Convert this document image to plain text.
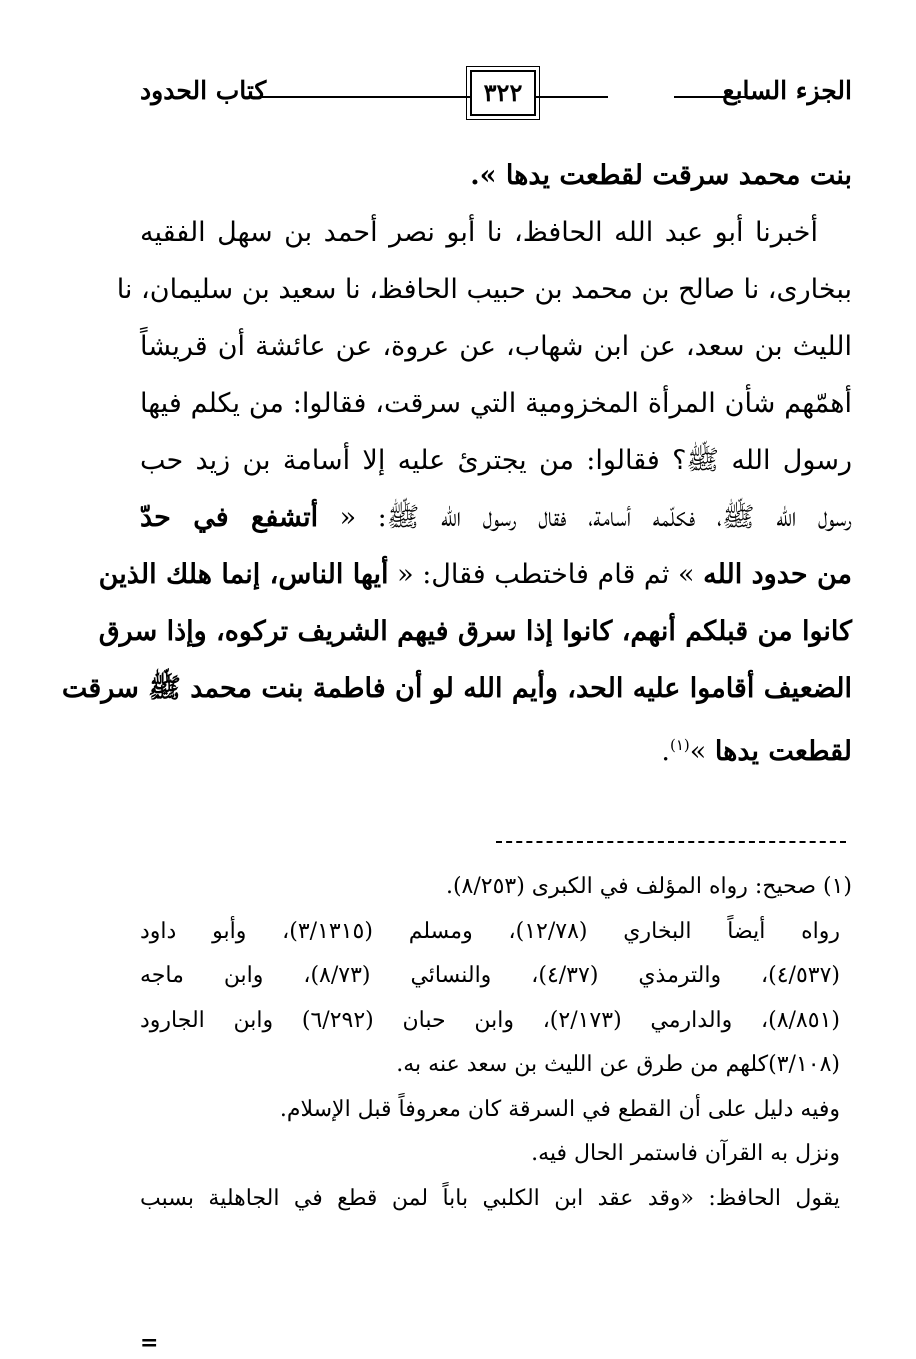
كتاب الحدود	٣٢٢	الجزء السابع
بنت محمد سرقت لقطعت يدها ».
أخبرنا أبو عبد الله الحافظ، نا أبو نصر أحمد بن سهل الفقيه
ببخارى، نا صالح بن محمد بن حبيب الحافظ، نا سعيد بن سليمان، نا
الليث بن سعد، عن ابن شهاب، عن عروة، عن عائشة أن قريشاً
أهمّهم شأن المرأة المخزومية التي سرقت، فقالوا: من يكلم فيها
رسول الله ﷺ؟ فقالوا: من يجترئ عليه إلا أسامة بن زيد حب
رسول الله ﷺ، فكلّمه أسامة، فقال رسول الله ﷺ: « أتشفع في حدّ
من حدود الله » ثم قام فاختطب فقال: « أيها الناس، إنما هلك الذين
كانوا من قبلكم أنهم، كانوا إذا سرق فيهم الشريف تركوه، وإذا سرق
الضعيف أقاموا عليه الحد، وأيم الله لو أن فاطمة بنت محمد ﷺ سرقت
لقطعت يدها »$^{(١)}$.
(١) صحيح: رواه المؤلف في الكبرى (٨/٢٥٣).
رواه أيضاً البخاري (١٢/٧٨)، ومسلم (٣/١٣١٥)، وأبو داود
(٤/٥٣٧)، والترمذي (٤/٣٧)، والنسائي (٨/٧٣)، وابن ماجه
(٨/٨٥١)، والدارمي (٢/١٧٣)، وابن حبان (٦/٢٩٢) وابن الجارود
(٣/١٠٨)كلهم من طرق عن الليث بن سعد عنه به.
وفيه دليل على أن القطع في السرقة كان معروفاً قبل الإسلام.
ونزل به القرآن فاستمر الحال فيه.
يقول الحافظ: «وقد عقد ابن الكلبي باباً لمن قطع في الجاهلية بسبب
=
